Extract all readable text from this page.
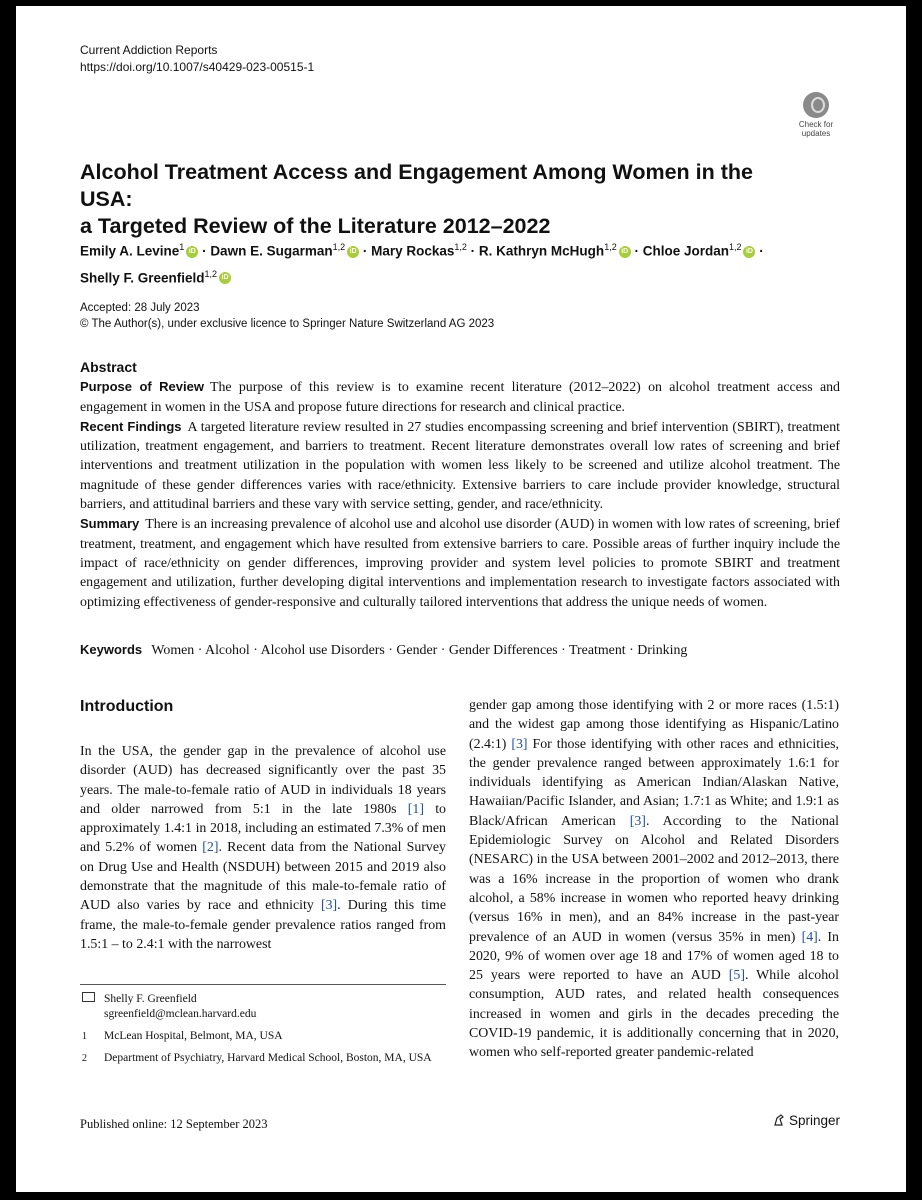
Current Addiction Reports
https://doi.org/10.1007/s40429-023-00515-1
Check for
updates
Alcohol Treatment Access and Engagement Among Women in the USA:
a Targeted Review of the Literature 2012–2022
Emily A. Levine$^1$ iD · Dawn E. Sugarman$^{1,2}$ iD · Mary Rockas$^{1,2}$ · R. Kathryn McHugh$^{1,2}$ iD · Chloe Jordan$^{1,2}$ iD ·
Shelly F. Greenfield$^{1,2}$ iD
Accepted: 28 July 2023
© The Author(s), under exclusive licence to Springer Nature Switzerland AG 2023
Abstract

Purpose of Review The purpose of this review is to examine recent literature (2012–2022) on alcohol treatment access and engagement in women in the USA and propose future directions for research and clinical practice.

Recent Findings A targeted literature review resulted in 27 studies encompassing screening and brief intervention (SBIRT), treatment utilization, treatment engagement, and barriers to treatment. Recent literature demonstrates overall low rates of screening and brief interventions and treatment utilization in the population with women less likely to be screened and utilize alcohol treatment. The magnitude of these gender differences varies with race/ethnicity. Extensive barriers to care include provider knowledge, structural barriers, and attitudinal barriers and these vary with service setting, gender, and race/ethnicity.

Summary There is an increasing prevalence of alcohol use and alcohol use disorder (AUD) in women with low rates of screening, brief treatment, treatment, and engagement which have resulted from extensive barriers to care. Possible areas of further inquiry include the impact of race/ethnicity on gender differences, improving provider and system level policies to promote SBIRT and treatment engagement and utilization, further developing digital interventions and implementation research to investigate factors associated with optimizing effectiveness of gender-responsive and culturally tailored interventions that address the unique needs of women.

Keywords Women · Alcohol · Alcohol use Disorders · Gender · Gender Differences · Treatment · Drinking
Introduction
In the USA, the gender gap in the prevalence of alcohol use disorder (AUD) has decreased significantly over the past 35 years. The male-to-female ratio of AUD in individuals 18 years and older narrowed from 5:1 in the late 1980s [1] to approximately 1.4:1 in 2018, including an estimated 7.3% of men and 5.2% of women [2]. Recent data from the National Survey on Drug Use and Health (NSDUH) between 2015 and 2019 also demonstrate that the magnitude of this male-to-female ratio of AUD also varies by race and ethnicity [3]. During this time frame, the male-to-female gender prevalence ratios ranged from 1.5:1 – to 2.4:1 with the narrowest
gender gap among those identifying with 2 or more races (1.5:1) and the widest gap among those identifying as Hispanic/Latino (2.4:1) [3] For those identifying with other races and ethnicities, the gender prevalence ranged between approximately 1.6:1 for individuals identifying as American Indian/Alaskan Native, Hawaiian/Pacific Islander, and Asian; 1.7:1 as White; and 1.9:1 as Black/African American [3]. According to the National Epidemiologic Survey on Alcohol and Related Disorders (NESARC) in the USA between 2001–2002 and 2012–2013, there was a 16% increase in the proportion of women who drank alcohol, a 58% increase in women who reported heavy drinking (versus 16% in men), and an 84% increase in the past-year prevalence of an AUD in women (versus 35% in men) [4]. In 2020, 9% of women over age 18 and 17% of women aged 18 to 25 years were reported to have an AUD [5]. While alcohol consumption, AUD rates, and related health consequences increased in women and girls in the decades preceding the COVID-19 pandemic, it is additionally concerning that in 2020, women who self-reported greater pandemic-related
Shelly F. Greenfield
sgreenfield@mclean.harvard.edu
1 McLean Hospital, Belmont, MA, USA
2 Department of Psychiatry, Harvard Medical School, Boston, MA, USA
Published online: 12 September 2023	Springer
